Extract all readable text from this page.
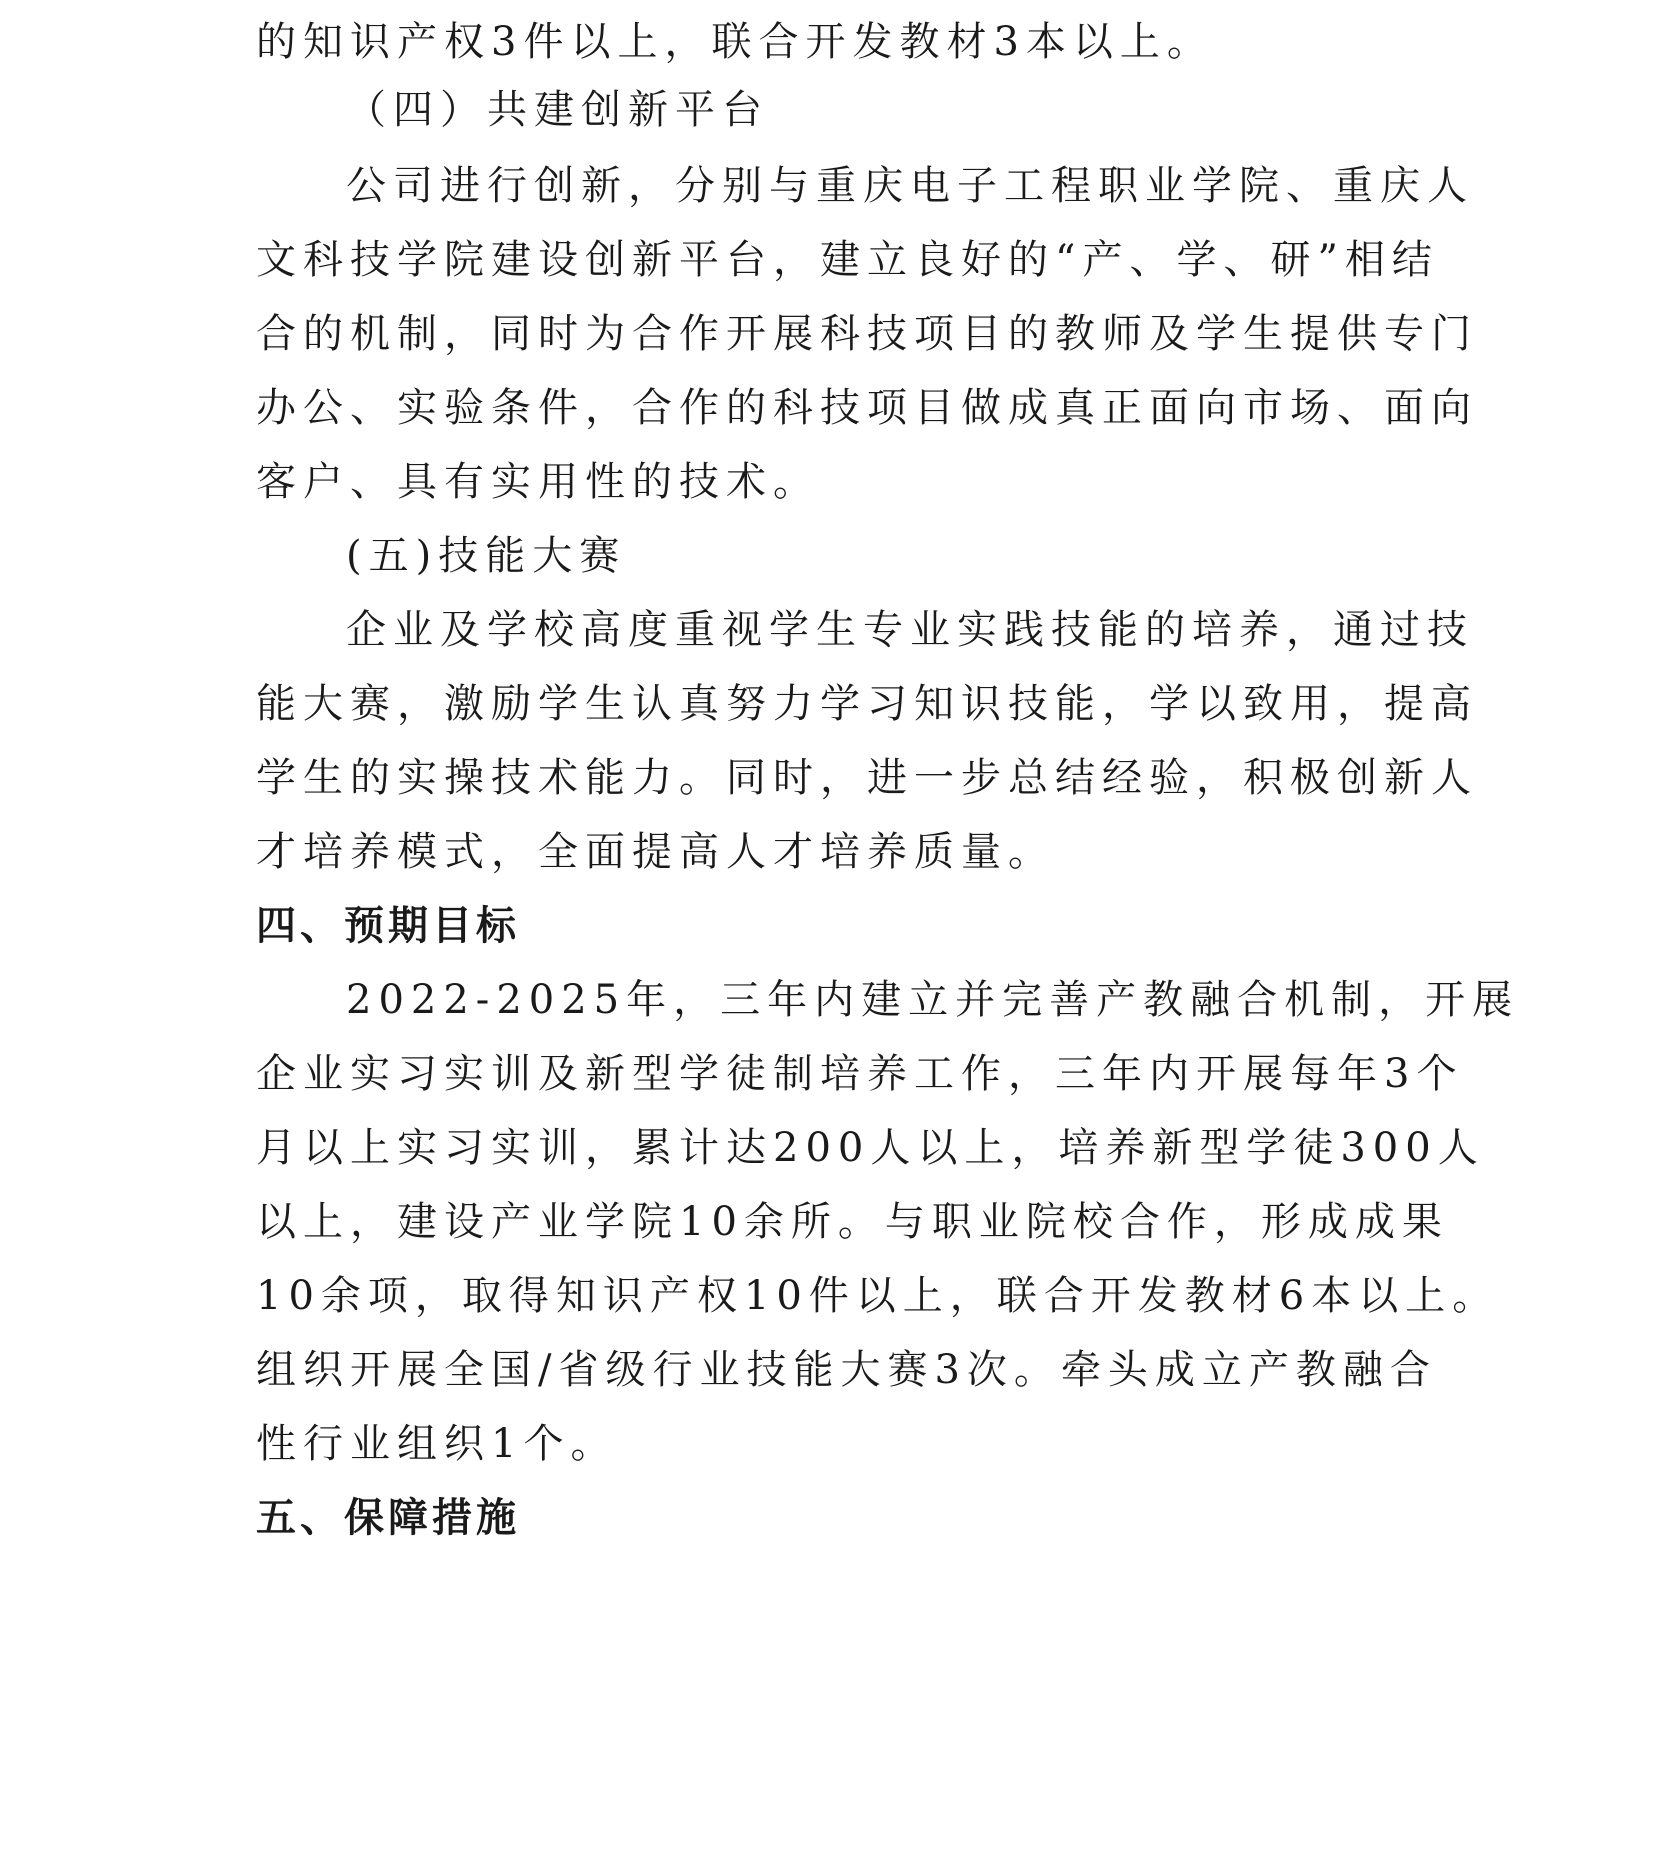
的知识产权3件以上，联合开发教材3本以上。
（四）共建创新平台
公司进行创新，分别与重庆电子工程职业学院、重庆人
文科技学院建设创新平台，建立良好的“产、学、研”相结
合的机制，同时为合作开展科技项目的教师及学生提供专门
办公、实验条件，合作的科技项目做成真正面向市场、面向
客户、具有实用性的技术。
(五)技能大赛
企业及学校高度重视学生专业实践技能的培养，通过技
能大赛，激励学生认真努力学习知识技能，学以致用，提高
学生的实操技术能力。同时，进一步总结经验，积极创新人
才培养模式，全面提高人才培养质量。
四、预期目标
2022-2025年，三年内建立并完善产教融合机制，开展
企业实习实训及新型学徒制培养工作，三年内开展每年3个
月以上实习实训，累计达200人以上，培养新型学徒300人
以上，建设产业学院10余所。与职业院校合作，形成成果
10余项，取得知识产权10件以上，联合开发教材6本以上。
组织开展全国/省级行业技能大赛3次。牵头成立产教融合
性行业组织1个。
五、保障措施
